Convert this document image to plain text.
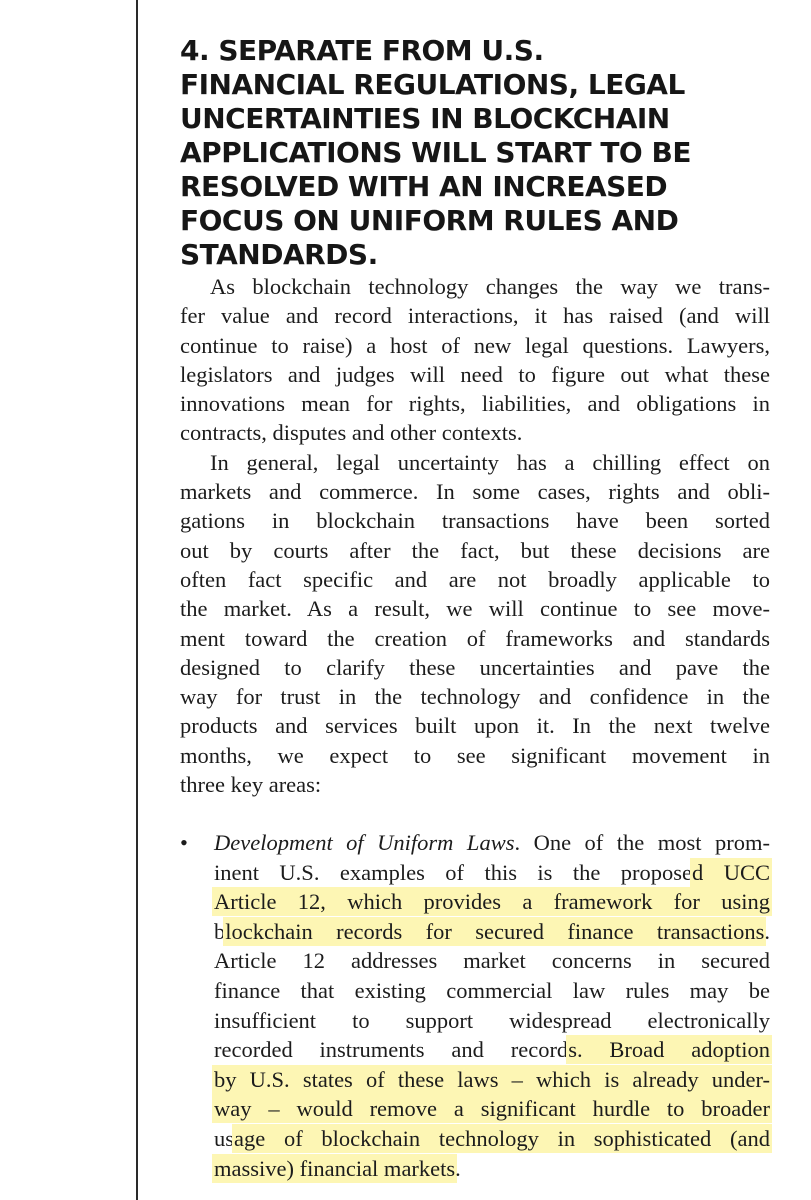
4. SEPARATE FROM U.S.
FINANCIAL REGULATIONS, LEGAL
UNCERTAINTIES IN BLOCKCHAIN
APPLICATIONS WILL START TO BE
RESOLVED WITH AN INCREASED
FOCUS ON UNIFORM RULES AND
STANDARDS.
As blockchain technology changes the way we trans-
fer value and record interactions, it has raised (and will
continue to raise) a host of new legal questions. Lawyers,
legislators and judges will need to figure out what these
innovations mean for rights, liabilities, and obligations in
contracts, disputes and other contexts.
In general, legal uncertainty has a chilling effect on
markets and commerce. In some cases, rights and obli-
gations in blockchain transactions have been sorted
out by courts after the fact, but these decisions are
often fact specific and are not broadly applicable to
the market. As a result, we will continue to see move-
ment toward the creation of frameworks and standards
designed to clarify these uncertainties and pave the
way for trust in the technology and confidence in the
products and services built upon it. In the next twelve
months, we expect to see significant movement in
three key areas:
•	Development of Uniform Laws. One of the most prom-
inent U.S. examples of this is the proposed UCC
Article 12, which provides a framework for using
blockchain records for secured finance transactions.
Article 12 addresses market concerns in secured
finance that existing commercial law rules may be
insufficient to support widespread electronically
recorded instruments and records. Broad adoption
by U.S. states of these laws – which is already under-
way – would remove a significant hurdle to broader
usage of blockchain technology in sophisticated (and
massive) financial markets.
